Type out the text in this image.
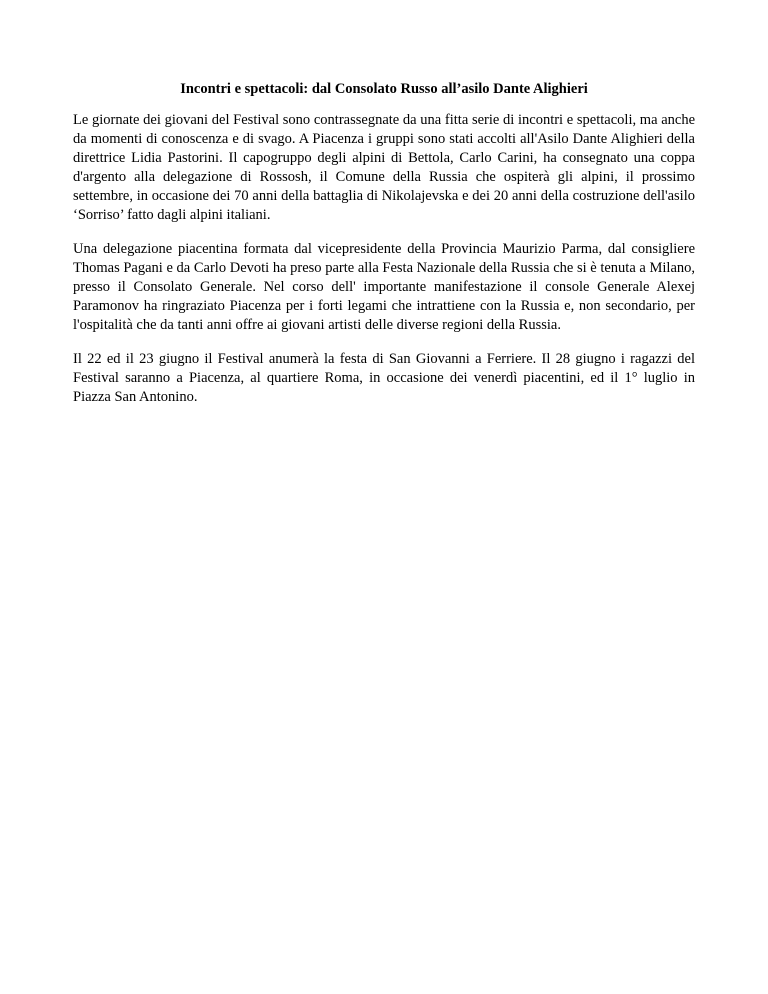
Incontri e spettacoli: dal Consolato Russo all’asilo Dante Alighieri

Le giornate dei giovani del Festival sono contrassegnate da una fitta serie di incontri e spettacoli, ma anche da momenti di conoscenza e di svago. A Piacenza i gruppi sono stati accolti all'Asilo Dante Alighieri della direttrice Lidia Pastorini. Il capogruppo degli alpini di Bettola, Carlo Carini, ha consegnato una coppa d'argento alla delegazione di Rossosh, il Comune della Russia che ospiterà gli alpini, il prossimo settembre, in occasione dei 70 anni della battaglia di Nikolajevska e dei 20 anni della costruzione dell'asilo ‘Sorriso’ fatto dagli alpini italiani.

Una delegazione piacentina formata dal vicepresidente della Provincia Maurizio Parma, dal consigliere Thomas Pagani e da Carlo Devoti ha preso parte alla Festa Nazionale della Russia che si è tenuta a Milano, presso il Consolato Generale. Nel corso dell' importante manifestazione il console Generale Alexej Paramonov ha ringraziato Piacenza per i forti legami che intrattiene con la Russia e, non secondario, per l'ospitalità che da tanti anni offre ai giovani artisti delle diverse regioni della Russia.

Il 22 ed il 23 giugno il Festival anumerà la festa di San Giovanni a Ferriere. Il 28 giugno i ragazzi del Festival saranno a Piacenza, al quartiere Roma, in occasione dei venerdì piacentini, ed il 1° luglio in Piazza San Antonino.
